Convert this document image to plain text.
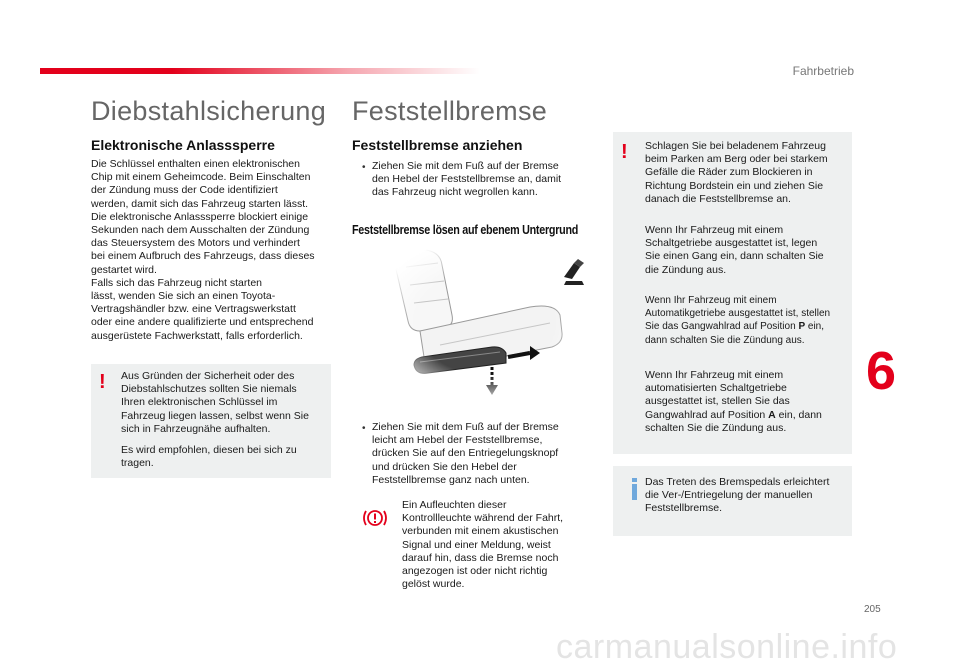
Fahrbetrieb
Diebstahlsicherung
Elektronische Anlasssperre
Die Schlüssel enthalten einen elektronischen
Chip mit einem Geheimcode. Beim Einschalten
der Zündung muss der Code identifiziert
werden, damit sich das Fahrzeug starten lässt.
Die elektronische Anlasssperre blockiert einige
Sekunden nach dem Ausschalten der Zündung
das Steuersystem des Motors und verhindert
bei einem Aufbruch des Fahrzeugs, dass dieses
gestartet wird.
Falls sich das Fahrzeug nicht starten
lässt, wenden Sie sich an einen Toyota-
Vertragshändler bzw. eine Vertragswerkstatt
oder eine andere qualifizierte und entsprechend
ausgerüstete Fachwerkstatt, falls erforderlich.
! Aus Gründen der Sicherheit oder des
Diebstahlschutzes sollten Sie niemals
Ihren elektronischen Schlüssel im
Fahrzeug liegen lassen, selbst wenn Sie
sich in Fahrzeugnähe aufhalten.
Es wird empfohlen, diesen bei sich zu
tragen.
Feststellbremse
Feststellbremse anziehen
• Ziehen Sie mit dem Fuß auf der Bremse
den Hebel der Feststellbremse an, damit
das Fahrzeug nicht wegrollen kann.
Feststellbremse lösen auf ebenem Untergrund
• Ziehen Sie mit dem Fuß auf der Bremse
leicht am Hebel der Feststellbremse,
drücken Sie auf den Entriegelungsknopf
und drücken Sie den Hebel der
Feststellbremse ganz nach unten.
Ein Aufleuchten dieser
Kontrollleuchte während der Fahrt,
verbunden mit einem akustischen
Signal und einer Meldung, weist
darauf hin, dass die Bremse noch
angezogen ist oder nicht richtig
gelöst wurde.
! Schlagen Sie bei beladenem Fahrzeug
beim Parken am Berg oder bei starkem
Gefälle die Räder zum Blockieren in
Richtung Bordstein ein und ziehen Sie
danach die Feststellbremse an.
Wenn Ihr Fahrzeug mit einem
Schaltgetriebe ausgestattet ist, legen
Sie einen Gang ein, dann schalten Sie
die Zündung aus.
Wenn Ihr Fahrzeug mit einem
Automatikgetriebe ausgestattet ist, stellen
Sie das Gangwahlrad auf Position P ein,
dann schalten Sie die Zündung aus.
Wenn Ihr Fahrzeug mit einem
automatisierten Schaltgetriebe
ausgestattet ist, stellen Sie das
Gangwahlrad auf Position A ein, dann
schalten Sie die Zündung aus.
Das Treten des Bremspedals erleichtert
die Ver-/Entriegelung der manuellen
Feststellbremse.
6
205
carmanualsonline.info
